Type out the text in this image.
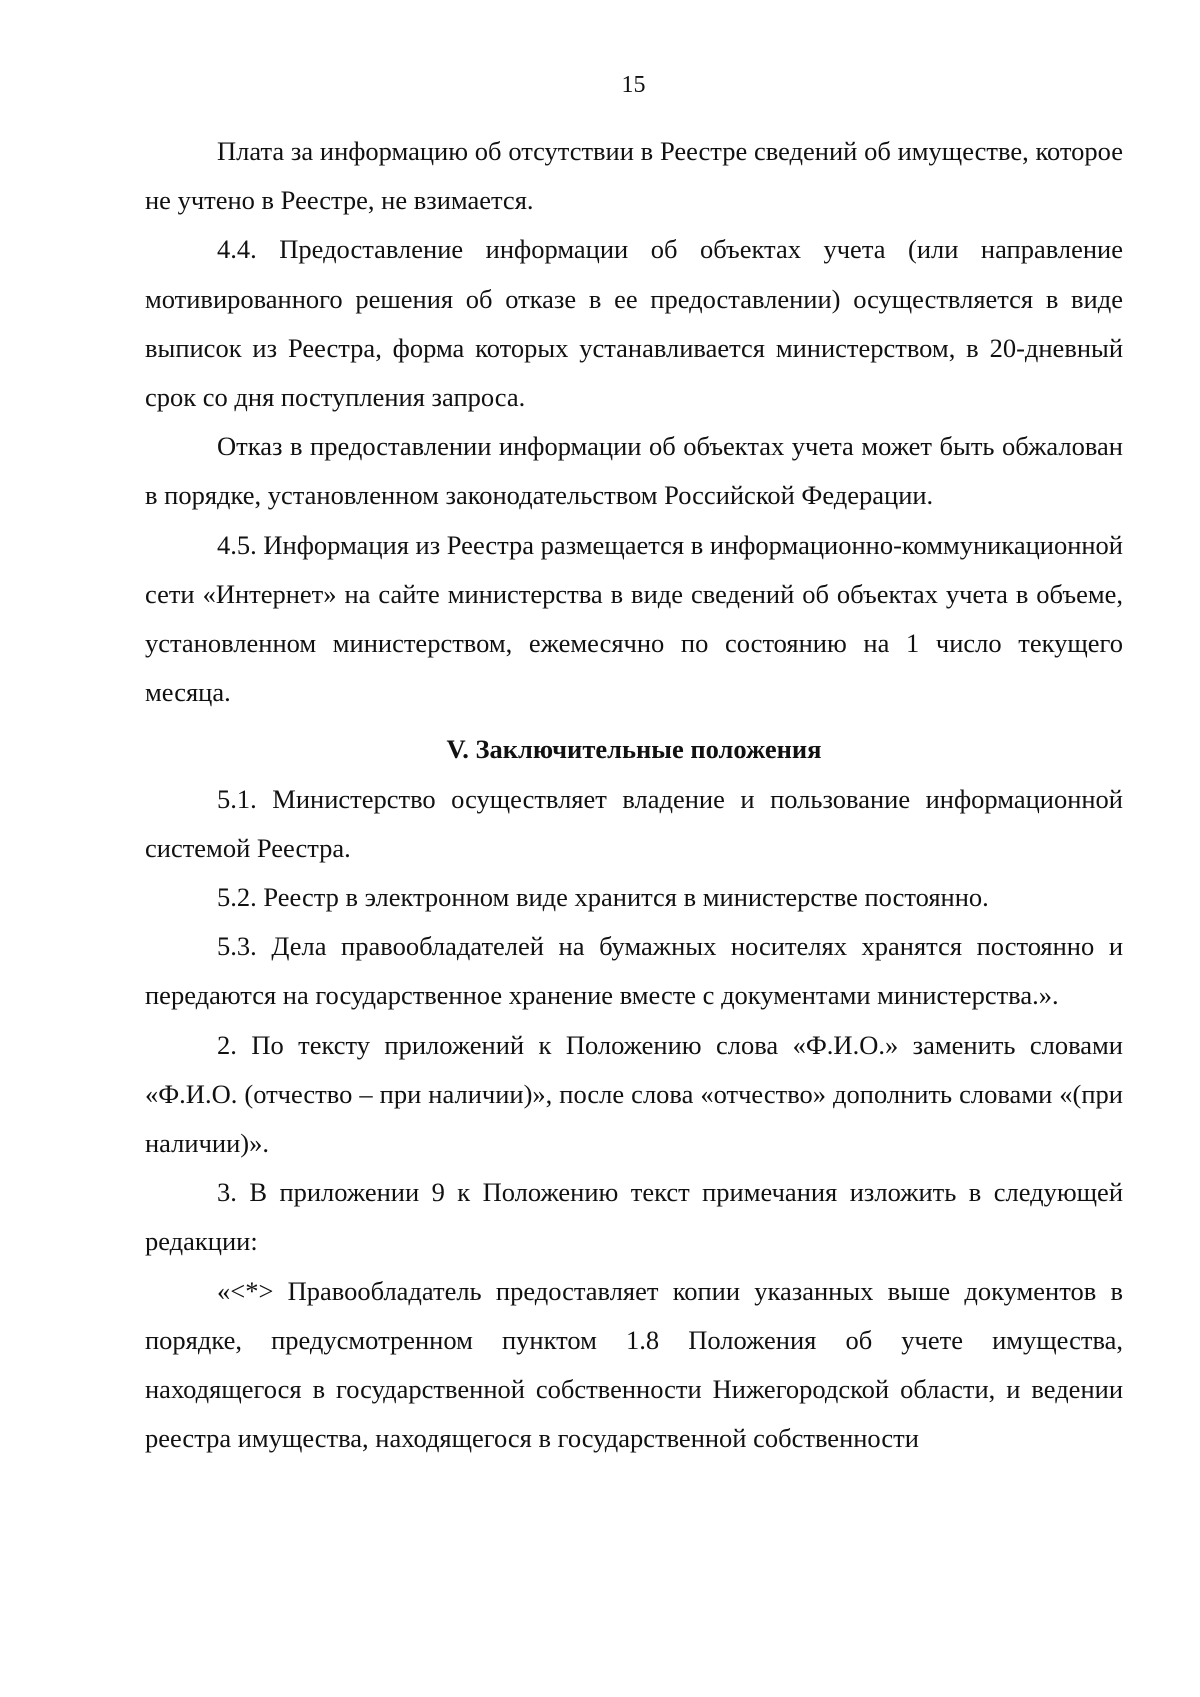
15

Плата за информацию об отсутствии в Реестре сведений об имуществе, которое не учтено в Реестре, не взимается.

4.4. Предоставление информации об объектах учета (или направление мотивированного решения об отказе в ее предоставлении) осуществляется в виде выписок из Реестра, форма которых устанавливается министерством, в 20-дневный срок со дня поступления запроса.

Отказ в предоставлении информации об объектах учета может быть обжалован в порядке, установленном законодательством Российской Федерации.

4.5. Информация из Реестра размещается в информационно-коммуникационной сети «Интернет» на сайте министерства в виде сведений об объектах учета в объеме, установленном министерством, ежемесячно по состоянию на 1 число текущего месяца.

V. Заключительные положения

5.1. Министерство осуществляет владение и пользование информационной системой Реестра.

5.2. Реестр в электронном виде хранится в министерстве постоянно.

5.3. Дела правообладателей на бумажных носителях хранятся постоянно и передаются на государственное хранение вместе с документами министерства.».

2. По тексту приложений к Положению слова «Ф.И.О.» заменить словами «Ф.И.О. (отчество – при наличии)», после слова «отчество» дополнить словами «(при наличии)».

3. В приложении 9 к Положению текст примечания изложить в следующей редакции:

«<*> Правообладатель предоставляет копии указанных выше документов в порядке, предусмотренном пунктом 1.8 Положения об учете имущества, находящегося в государственной собственности Нижегородской области, и ведении реестра имущества, находящегося в государственной собственности
